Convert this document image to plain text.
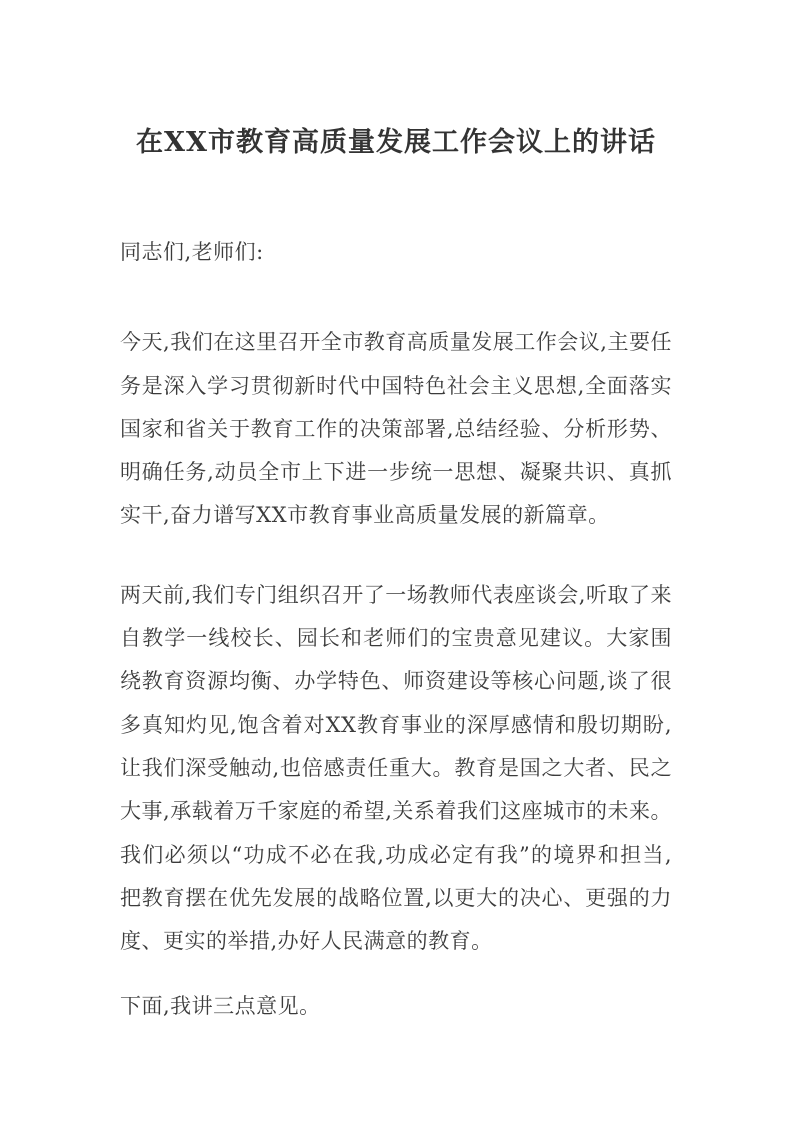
在XX市教育高质量发展工作会议上的讲话

同志们,老师们:

今天,我们在这里召开全市教育高质量发展工作会议,主要任务是深入学习贯彻新时代中国特色社会主义思想,全面落实国家和省关于教育工作的决策部署,总结经验、分析形势、明确任务,动员全市上下进一步统一思想、凝聚共识、真抓实干,奋力谱写XX市教育事业高质量发展的新篇章。

两天前,我们专门组织召开了一场教师代表座谈会,听取了来自教学一线校长、园长和老师们的宝贵意见建议。大家围绕教育资源均衡、办学特色、师资建设等核心问题,谈了很多真知灼见,饱含着对XX教育事业的深厚感情和殷切期盼,让我们深受触动,也倍感责任重大。教育是国之大者、民之大事,承载着万千家庭的希望,关系着我们这座城市的未来。我们必须以“功成不必在我,功成必定有我”的境界和担当,把教育摆在优先发展的战略位置,以更大的决心、更强的力度、更实的举措,办好人民满意的教育。

下面,我讲三点意见。
